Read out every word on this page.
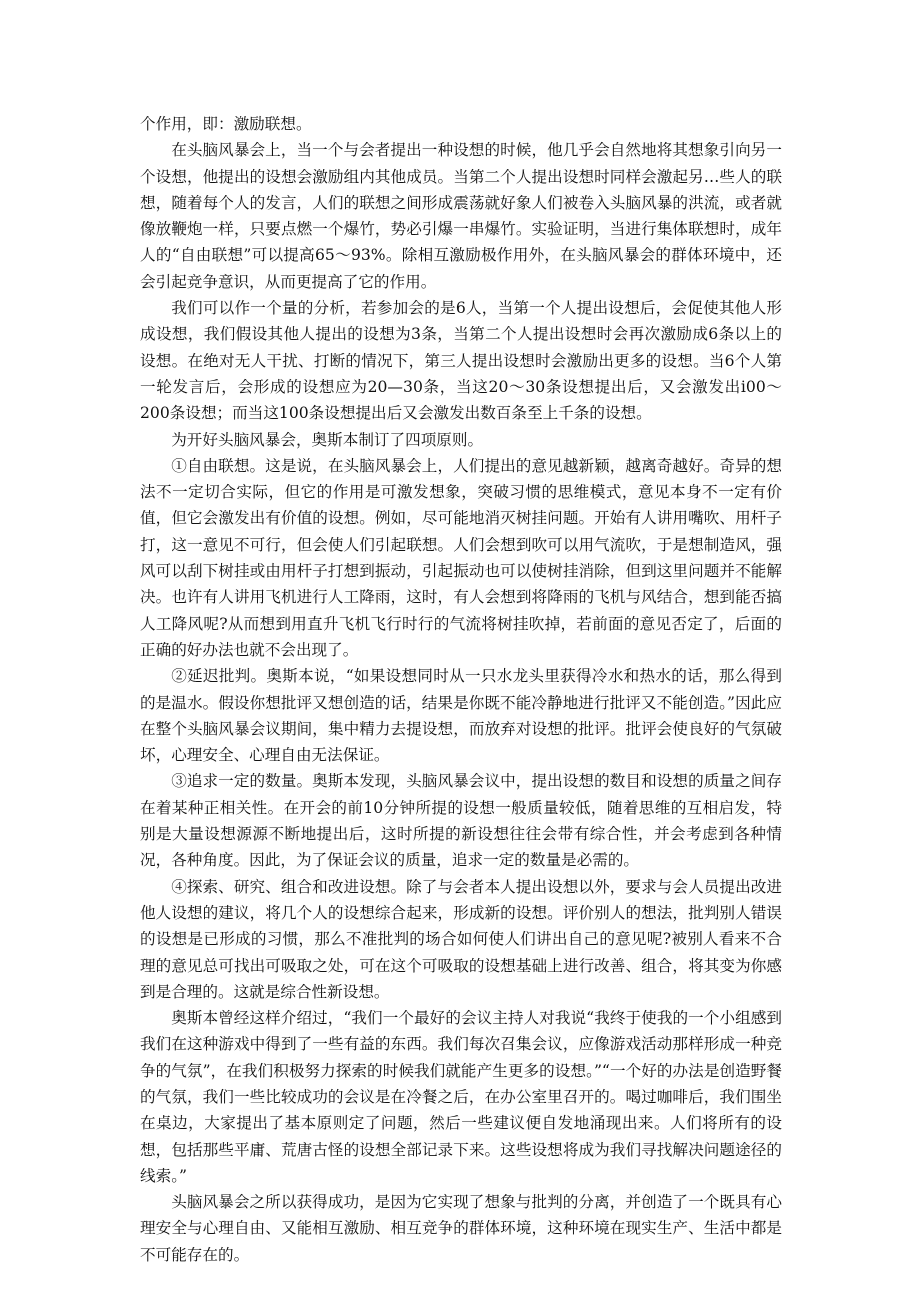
个作用，即：激励联想。

在头脑风暴会上，当一个与会者提出一种设想的时候，他几乎会自然地将其想象引向另一个设想，他提出的设想会激励组内其他成员。当第二个人提出设想时同样会激起另…些人的联想，随着每个人的发言，人们的联想之间形成震荡就好象人们被卷入头脑风暴的洪流，或者就像放鞭炮一样，只要点燃一个爆竹，势必引爆一串爆竹。实验证明，当进行集体联想时，成年人的“自由联想”可以提高65～93%。除相互激励极作用外，在头脑风暴会的群体环境中，还会引起竞争意识，从而更提高了它的作用。

我们可以作一个量的分析，若参加会的是6人，当第一个人提出设想后，会促使其他人形成设想，我们假设其他人提出的设想为3条，当第二个人提出设想时会再次激励成6条以上的设想。在绝对无人干扰、打断的情况下，第三人提出设想时会激励出更多的设想。当6个人第一轮发言后，会形成的设想应为20—30条，当这20～30条设想提出后，又会激发出i00～200条设想；而当这100条设想提出后又会激发出数百条至上千条的设想。

为开好头脑风暴会，奥斯本制订了四项原则。

①自由联想。这是说，在头脑风暴会上，人们提出的意见越新颖，越离奇越好。奇异的想法不一定切合实际，但它的作用是可激发想象，突破习惯的思维模式，意见本身不一定有价值，但它会激发出有价值的设想。例如，尽可能地消灭树挂问题。开始有人讲用嘴吹、用杆子打，这一意见不可行，但会使人们引起联想。人们会想到吹可以用气流吹，于是想制造风，强风可以刮下树挂或由用杆子打想到振动，引起振动也可以使树挂消除，但到这里问题并不能解决。也许有人讲用飞机进行人工降雨，这时，有人会想到将降雨的飞机与风结合，想到能否搞人工降风呢?从而想到用直升飞机飞行时行的气流将树挂吹掉，若前面的意见否定了，后面的正确的好办法也就不会出现了。

②延迟批判。奥斯本说，“如果设想同时从一只水龙头里获得冷水和热水的话，那么得到的是温水。假设你想批评又想创造的话，结果是你既不能冷静地进行批评又不能创造。”因此应在整个头脑风暴会议期间，集中精力去提设想，而放弃对设想的批评。批评会使良好的气氛破坏，心理安全、心理自由无法保证。

③追求一定的数量。奥斯本发现，头脑风暴会议中，提出设想的数目和设想的质量之间存在着某种正相关性。在开会的前10分钟所提的设想一般质量较低，随着思维的互相启发，特别是大量设想源源不断地提出后，这时所提的新设想往往会带有综合性，并会考虑到各种情况，各种角度。因此，为了保证会议的质量，追求一定的数量是必需的。

④探索、研究、组合和改进设想。除了与会者本人提出设想以外，要求与会人员提出改进他人设想的建议，将几个人的设想综合起来，形成新的设想。评价别人的想法，批判别人错误的设想是已形成的习惯，那么不准批判的场合如何使人们讲出自己的意见呢?被别人看来不合理的意见总可找出可吸取之处，可在这个可吸取的设想基础上进行改善、组合，将其变为你感到是合理的。这就是综合性新设想。

奥斯本曾经这样介绍过，“我们一个最好的会议主持人对我说“我终于使我的一个小组感到我们在这种游戏中得到了一些有益的东西。我们每次召集会议，应像游戏活动那样形成一种竞争的气氛”，在我们积极努力探索的时候我们就能产生更多的设想。”“一个好的办法是创造野餐的气氛，我们一些比较成功的会议是在冷餐之后，在办公室里召开的。喝过咖啡后，我们围坐在桌边，大家提出了基本原则定了问题，然后一些建议便自发地涌现出来。人们将所有的设想，包括那些平庸、荒唐古怪的设想全部记录下来。这些设想将成为我们寻找解决问题途径的线索。”

头脑风暴会之所以获得成功，是因为它实现了想象与批判的分离，并创造了一个既具有心理安全与心理自由、又能相互激励、相互竞争的群体环境，这种环境在现实生产、生活中都是不可能存在的。
